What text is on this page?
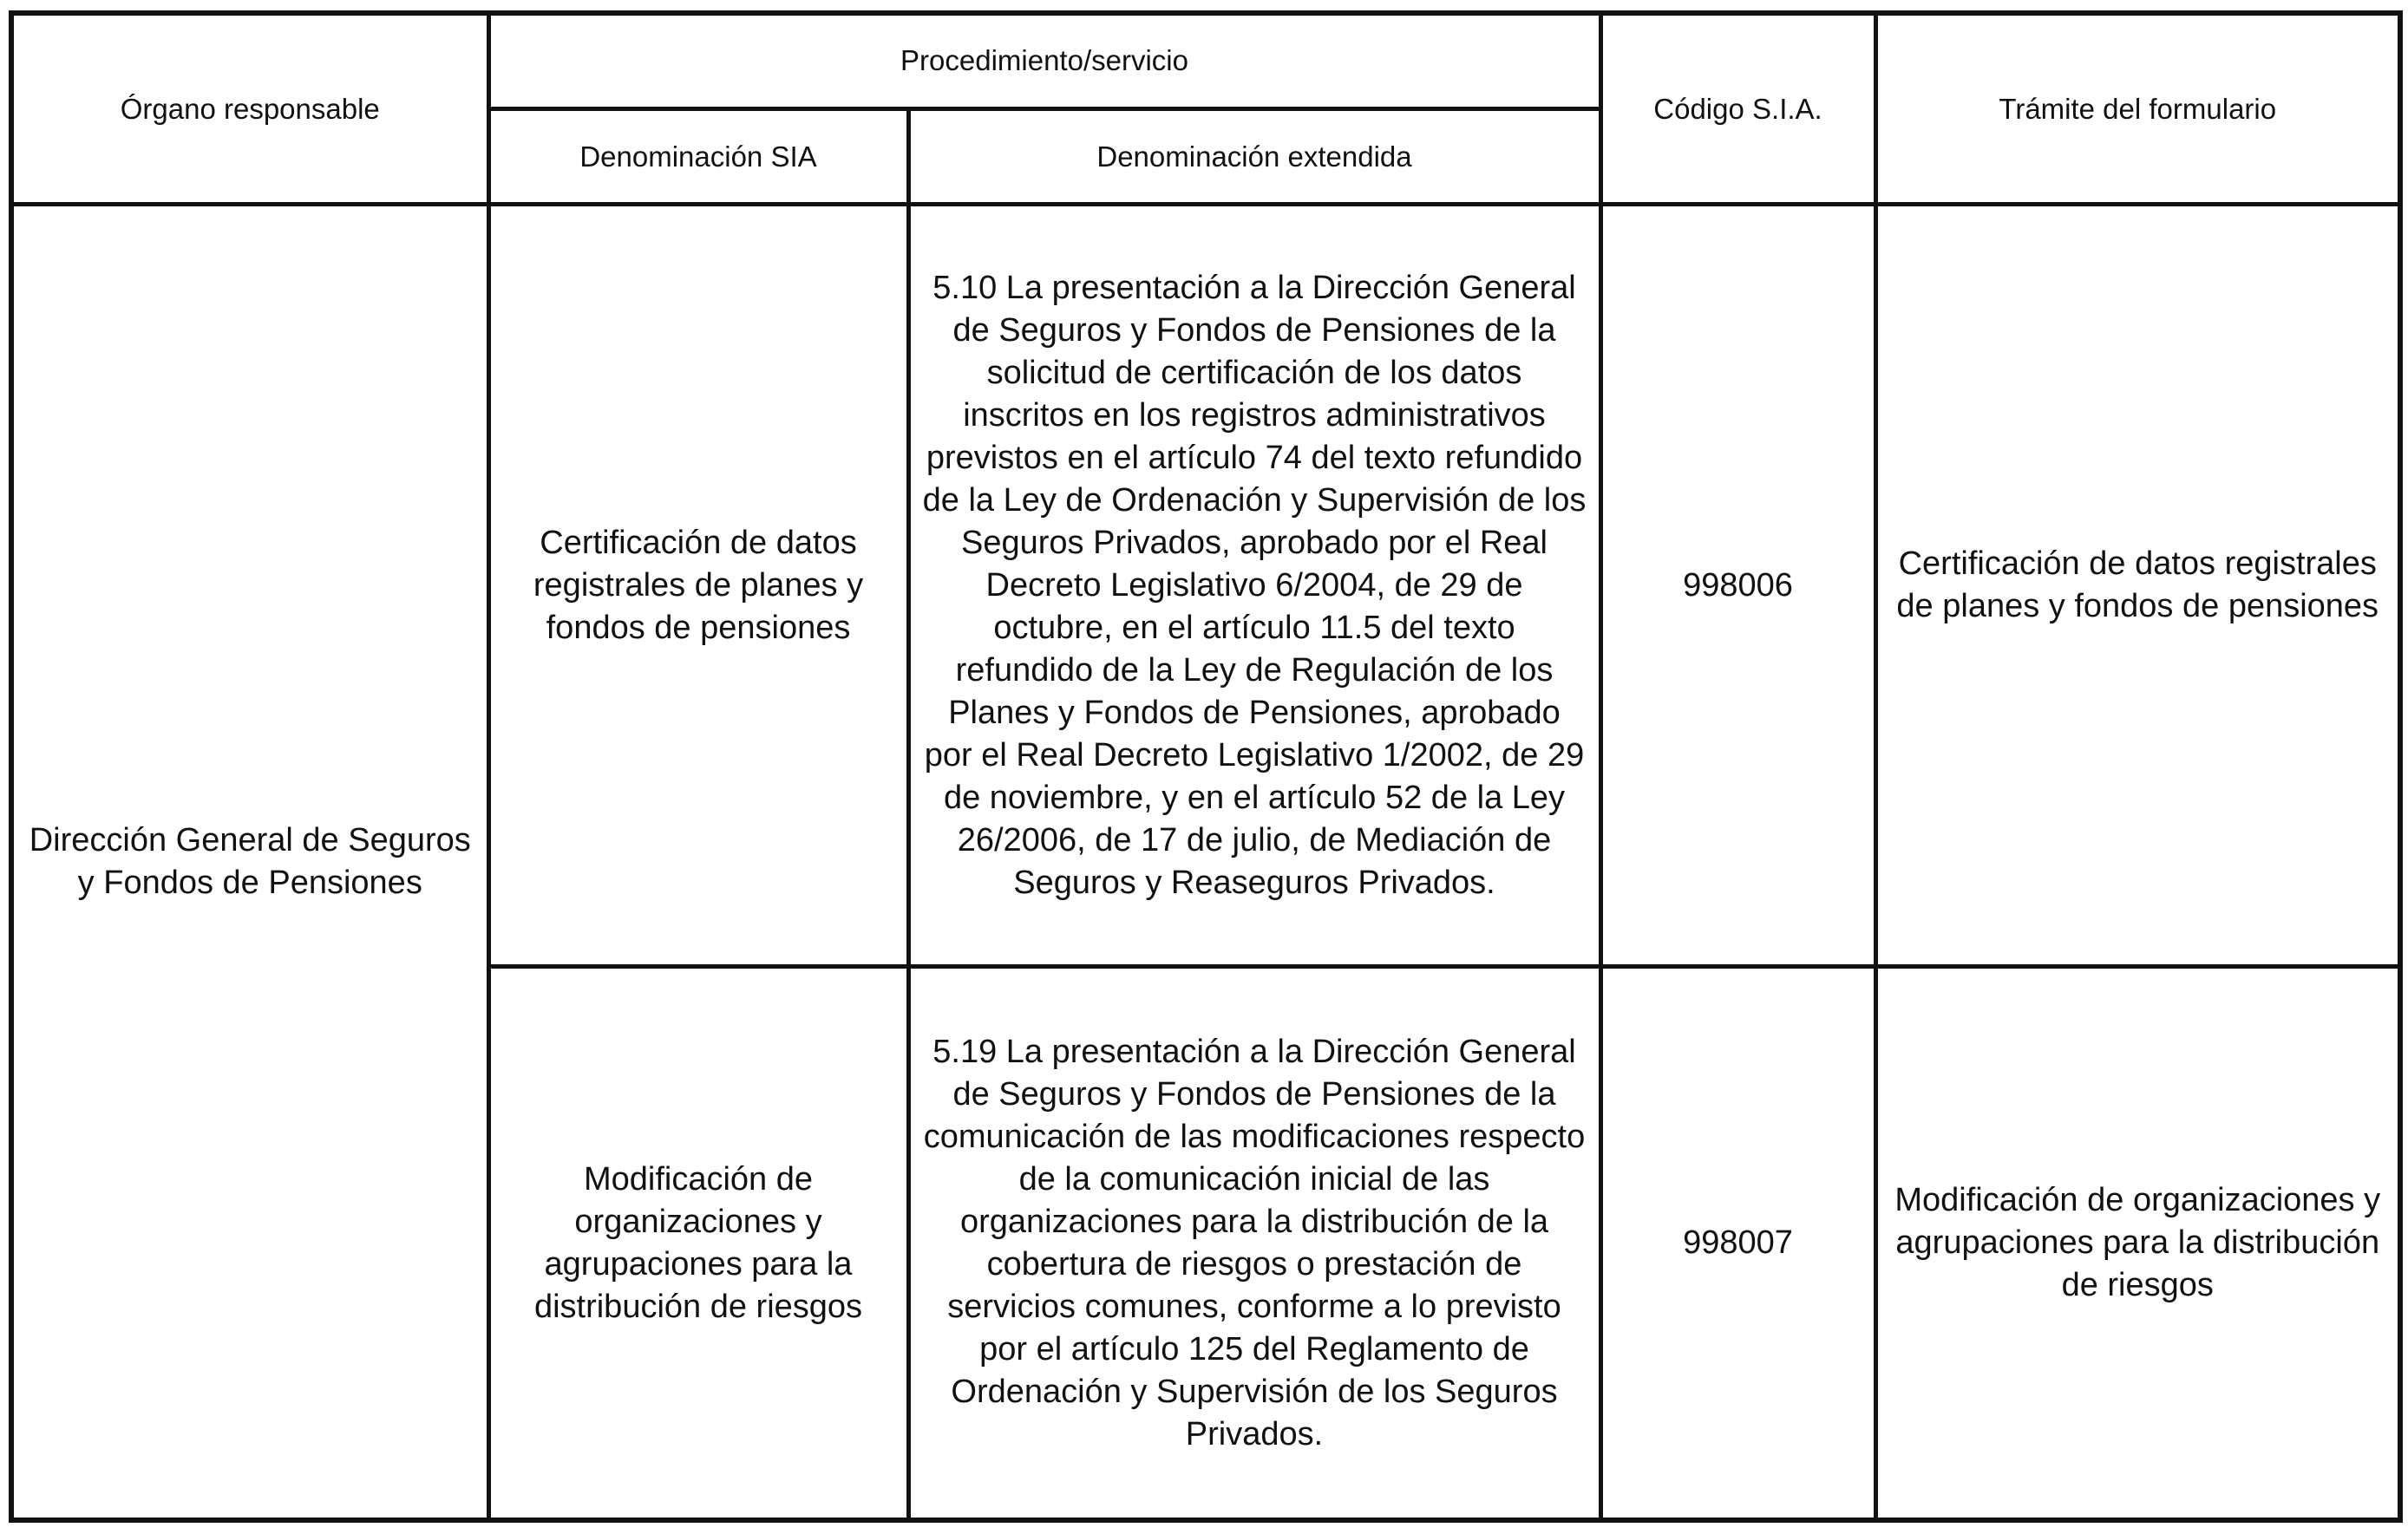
Órgano responsable	Procedimiento/servicio		Código S.I.A.	Trámite del formulario
	Denominación SIA	Denominación extendida		
Dirección General de Seguros y Fondos de Pensiones	Certificación de datos registrales de planes y fondos de pensiones	5.10 La presentación a la Dirección General de Seguros y Fondos de Pensiones de la solicitud de certificación de los datos inscritos en los registros administrativos previstos en el artículo 74 del texto refundido de la Ley de Ordenación y Supervisión de los Seguros Privados, aprobado por el Real Decreto Legislativo 6/2004, de 29 de octubre, en el artículo 11.5 del texto refundido de la Ley de Regulación de los Planes y Fondos de Pensiones, aprobado por el Real Decreto Legislativo 1/2002, de 29 de noviembre, y en el artículo 52 de la Ley 26/2006, de 17 de julio, de Mediación de Seguros y Reaseguros Privados.	998006	Certificación de datos registrales de planes y fondos de pensiones
	Modificación de organizaciones y agrupaciones para la distribución de riesgos	5.19 La presentación a la Dirección General de Seguros y Fondos de Pensiones de la comunicación de las modificaciones respecto de la comunicación inicial de las organizaciones para la distribución de la cobertura de riesgos o prestación de servicios comunes, conforme a lo previsto por el artículo 125 del Reglamento de Ordenación y Supervisión de los Seguros Privados.	998007	Modificación de organizaciones y agrupaciones para la distribución de riesgos
